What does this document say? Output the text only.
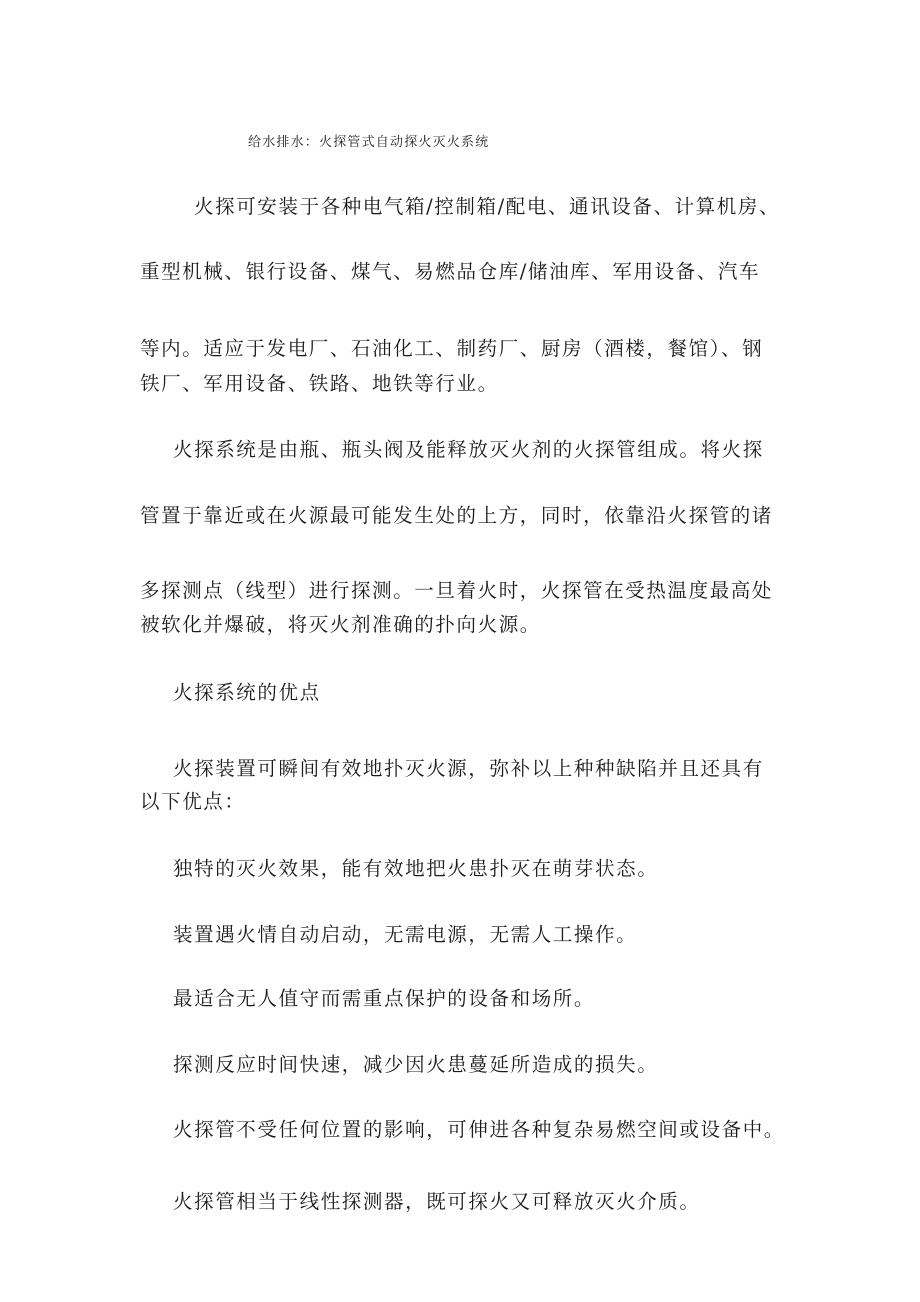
给水排水：火探管式自动探火灭火系统
火探可安装于各种电气箱/控制箱/配电、通讯设备、计算机房、
重型机械、银行设备、煤气、易燃品仓库/储油库、军用设备、汽车
等内。适应于发电厂、石油化工、制药厂、厨房（酒楼，餐馆）、钢
铁厂、军用设备、铁路、地铁等行业。
火探系统是由瓶、瓶头阀及能释放灭火剂的火探管组成。将火探
管置于靠近或在火源最可能发生处的上方，同时，依靠沿火探管的诸
多探测点（线型）进行探测。一旦着火时，火探管在受热温度最高处
被软化并爆破，将灭火剂准确的扑向火源。
火探系统的优点
火探装置可瞬间有效地扑灭火源，弥补以上种种缺陷并且还具有
以下优点：
独特的灭火效果，能有效地把火患扑灭在萌芽状态。
装置遇火情自动启动，无需电源，无需人工操作。
最适合无人值守而需重点保护的设备和场所。
探测反应时间快速，减少因火患蔓延所造成的损失。
火探管不受任何位置的影响，可伸进各种复杂易燃空间或设备中。
火探管相当于线性探测器，既可探火又可释放灭火介质。
